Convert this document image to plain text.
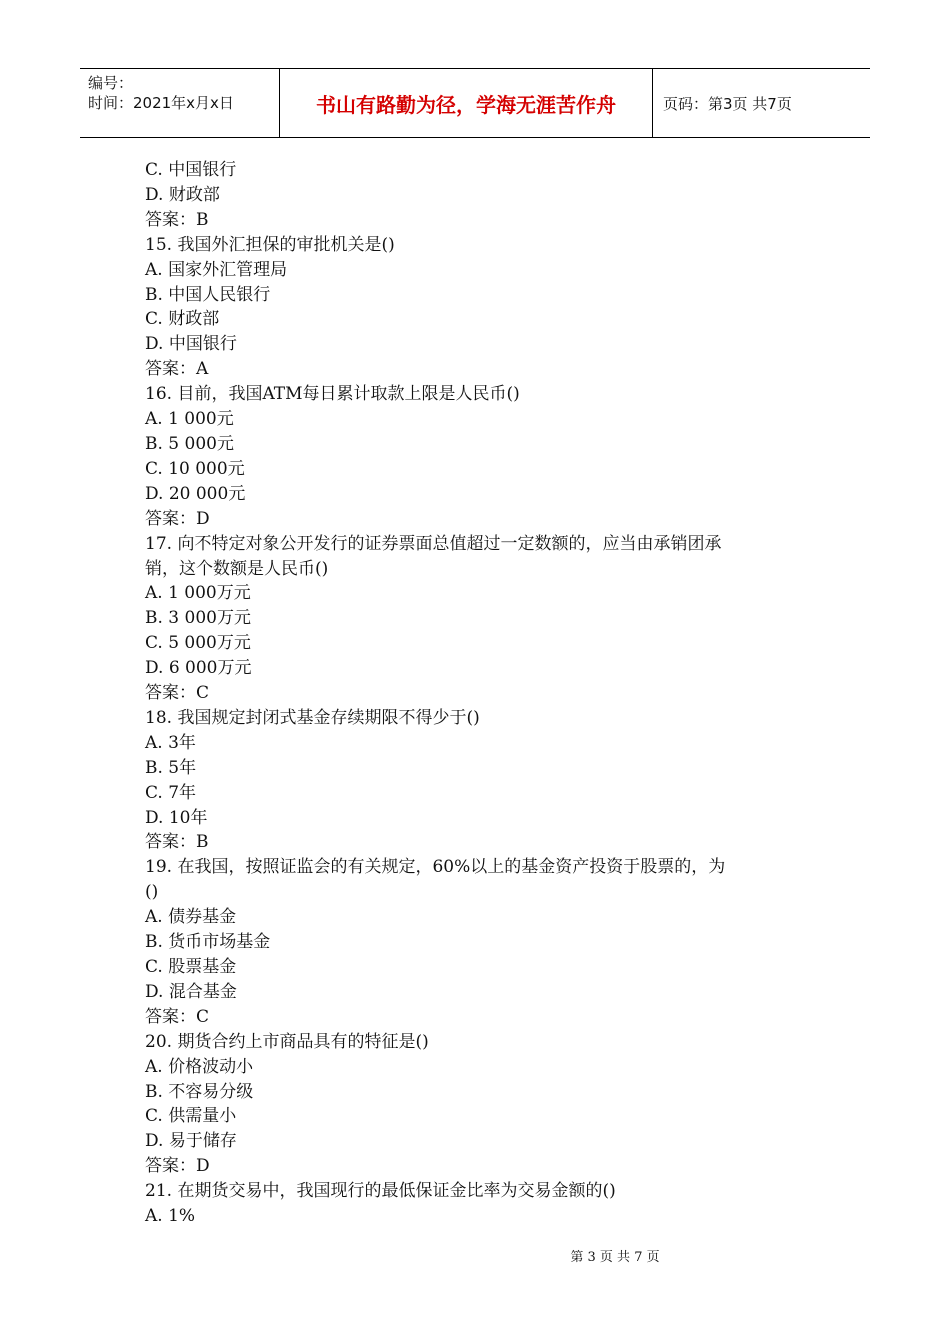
编号：
时间：2021年x月x日	书山有路勤为径，学海无涯苦作舟	页码：第3页 共7页
C. 中国银行
D. 财政部
答案：B
15. 我国外汇担保的审批机关是()
A. 国家外汇管理局
B. 中国人民银行
C. 财政部
D. 中国银行
答案：A
16. 目前，我国ATM每日累计取款上限是人民币()
A. 1 000元
B. 5 000元
C. 10 000元
D. 20 000元
答案：D
17. 向不特定对象公开发行的证券票面总值超过一定数额的，应当由承销团承
销，这个数额是人民币()
A. 1 000万元
B. 3 000万元
C. 5 000万元
D. 6 000万元
答案：C
18. 我国规定封闭式基金存续期限不得少于()
A. 3年
B. 5年
C. 7年
D. 10年
答案：B
19. 在我国，按照证监会的有关规定，60%以上的基金资产投资于股票的，为
()
A. 债券基金
B. 货币市场基金
C. 股票基金
D. 混合基金
答案：C
20. 期货合约上市商品具有的特征是()
A. 价格波动小
B. 不容易分级
C. 供需量小
D. 易于储存
答案：D
21. 在期货交易中，我国现行的最低保证金比率为交易金额的()
A. 1%
第 3 页 共 7 页
